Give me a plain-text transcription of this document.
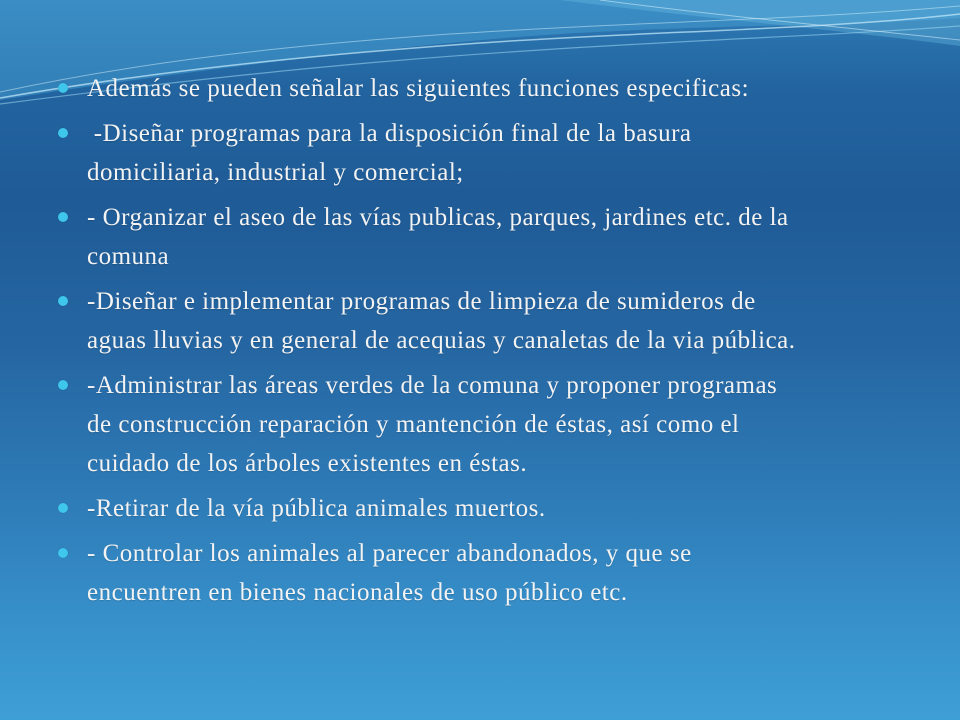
Además se pueden señalar las siguientes funciones especificas:
-Diseñar programas para la disposición final de la basura
domiciliaria, industrial y comercial;
- Organizar el aseo de las vías publicas, parques, jardines etc. de la
comuna
-Diseñar e implementar programas de limpieza de sumideros de
aguas lluvias y en general de acequias y canaletas de la via pública.
-Administrar las áreas verdes de la comuna y proponer programas
de construcción reparación y mantención de éstas, así como el
cuidado de los árboles existentes en éstas.
-Retirar de la vía pública animales muertos.
- Controlar los animales al parecer abandonados, y que se
encuentren en bienes nacionales de uso público etc.
